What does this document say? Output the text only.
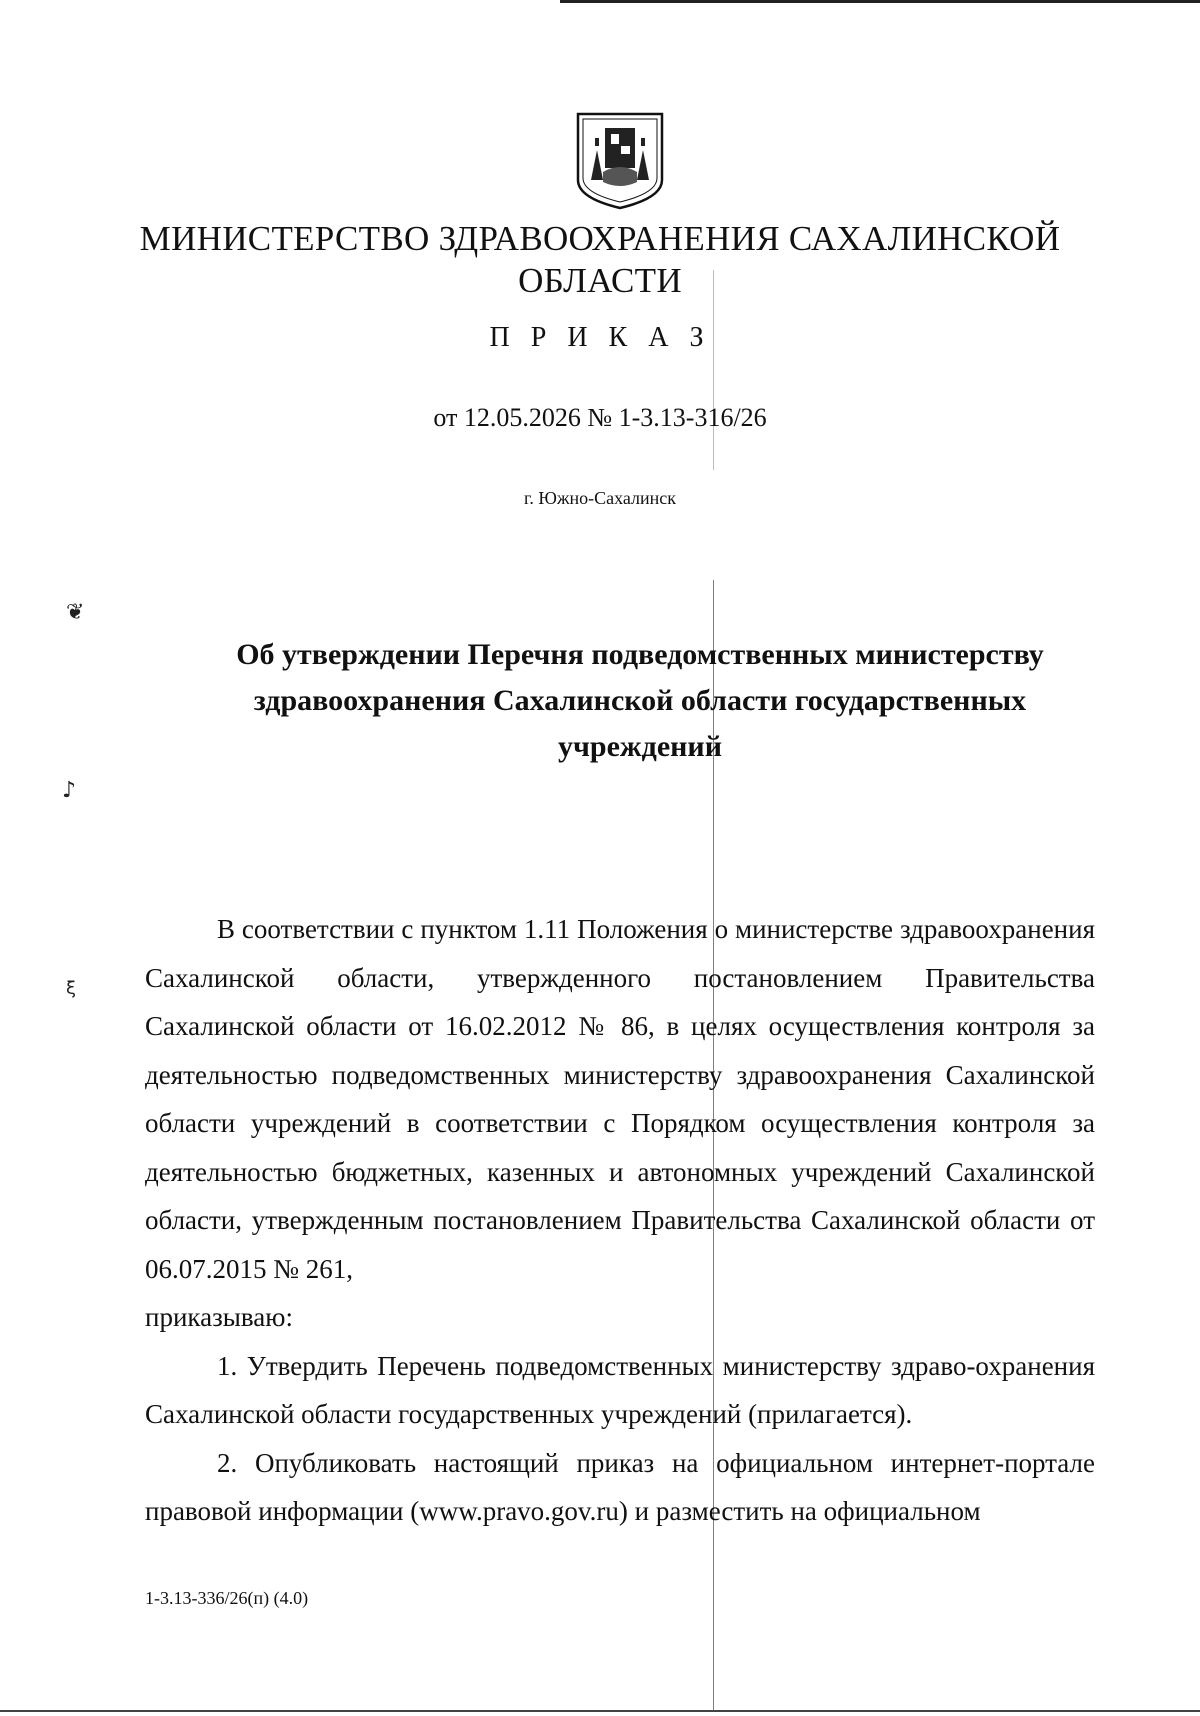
❦
♪
ξ
МИНИСТЕРСТВО ЗДРАВООХРАНЕНИЯ САХАЛИНСКОЙ
ОБЛАСТИ
П Р И К А З
от 12.05.2026 № 1-3.13-316/26
г. Южно-Сахалинск
Об утверждении Перечня подведомственных министерству
здравоохранения Сахалинской области государственных
учреждений

В соответствии с пунктом 1.11 Положения о министерстве здравоохранения Сахалинской области, утвержденного постановлением Правительства Сахалинской области от 16.02.2012 № 86, в целях осуществления контроля за деятельностью подведомственных министерству здравоохранения Сахалинской области учреждений в соответствии с Порядком осуществления контроля за деятельностью бюджетных, казенных и автономных учреждений Сахалинской области, утвержденным постановлением Правительства Сахалинской области от 06.07.2015 № 261,

приказываю:

1. Утвердить Перечень подведомственных министерству здраво-охранения Сахалинской области государственных учреждений (прилагается).

2. Опубликовать настоящий приказ на официальном интернет-портале правовой информации (www.pravo.gov.ru) и разместить на официальном

1-3.13-336/26(п) (4.0)
